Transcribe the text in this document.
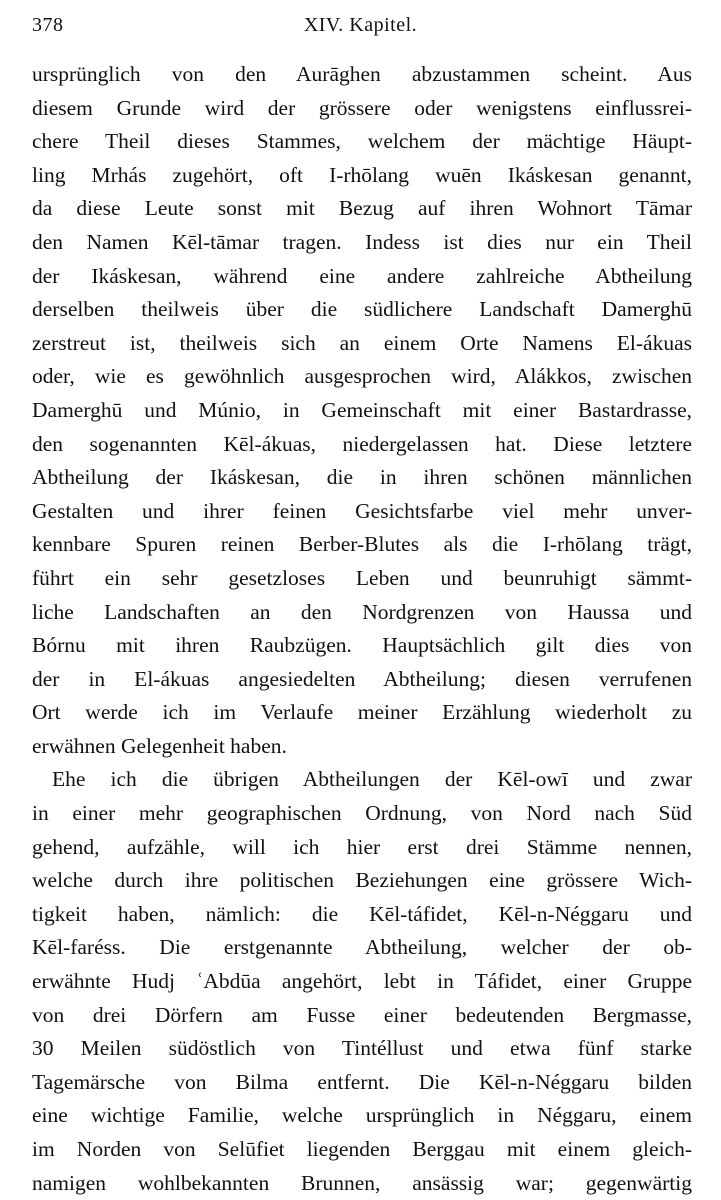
378	XIV. Kapitel.
ursprünglich von den Aurāghen abzustammen scheint. Aus
diesem Grunde wird der grössere oder wenigstens einflussrei-
chere Theil dieses Stammes, welchem der mächtige Häupt-
ling Mrhás zugehört, oft I-rhōlang wuēn Ikáskesan genannt,
da diese Leute sonst mit Bezug auf ihren Wohnort Tāmar
den Namen Kēl-tāmar tragen. Indess ist dies nur ein Theil
der Ikáskesan, während eine andere zahlreiche Abtheilung
derselben theilweis über die südlichere Landschaft Damerghū
zerstreut ist, theilweis sich an einem Orte Namens El-ákuas
oder, wie es gewöhnlich ausgesprochen wird, Alákkos, zwischen
Damerghū und Múnio, in Gemeinschaft mit einer Bastardrasse,
den sogenannten Kēl-ákuas, niedergelassen hat. Diese letztere
Abtheilung der Ikáskesan, die in ihren schönen männlichen
Gestalten und ihrer feinen Gesichtsfarbe viel mehr unver-
kennbare Spuren reinen Berber-Blutes als die I-rhōlang trägt,
führt ein sehr gesetzloses Leben und beunruhigt sämmt-
liche Landschaften an den Nordgrenzen von Haussa und
Bórnu mit ihren Raubzügen. Hauptsächlich gilt dies von
der in El-ákuas angesiedelten Abtheilung; diesen verrufenen
Ort werde ich im Verlaufe meiner Erzählung wiederholt zu
erwähnen Gelegenheit haben.
Ehe ich die übrigen Abtheilungen der Kēl-owī und zwar
in einer mehr geographischen Ordnung, von Nord nach Süd
gehend, aufzähle, will ich hier erst drei Stämme nennen,
welche durch ihre politischen Beziehungen eine grössere Wich-
tigkeit haben, nämlich: die Kēl-táfidet, Kēl-n-Néggaru und
Kēl-faréss. Die erstgenannte Abtheilung, welcher der ob-
erwähnte Hudj ʿAbdūa angehört, lebt in Táfidet, einer Gruppe
von drei Dörfern am Fusse einer bedeutenden Bergmasse,
30 Meilen südöstlich von Tintéllust und etwa fünf starke
Tagemärsche von Bilma entfernt. Die Kēl-n-Néggaru bilden
eine wichtige Familie, welche ursprünglich in Néggaru, einem
im Norden von Selūfiet liegenden Berggau mit einem gleich-
namigen wohlbekannten Brunnen, ansässig war; gegenwärtig
